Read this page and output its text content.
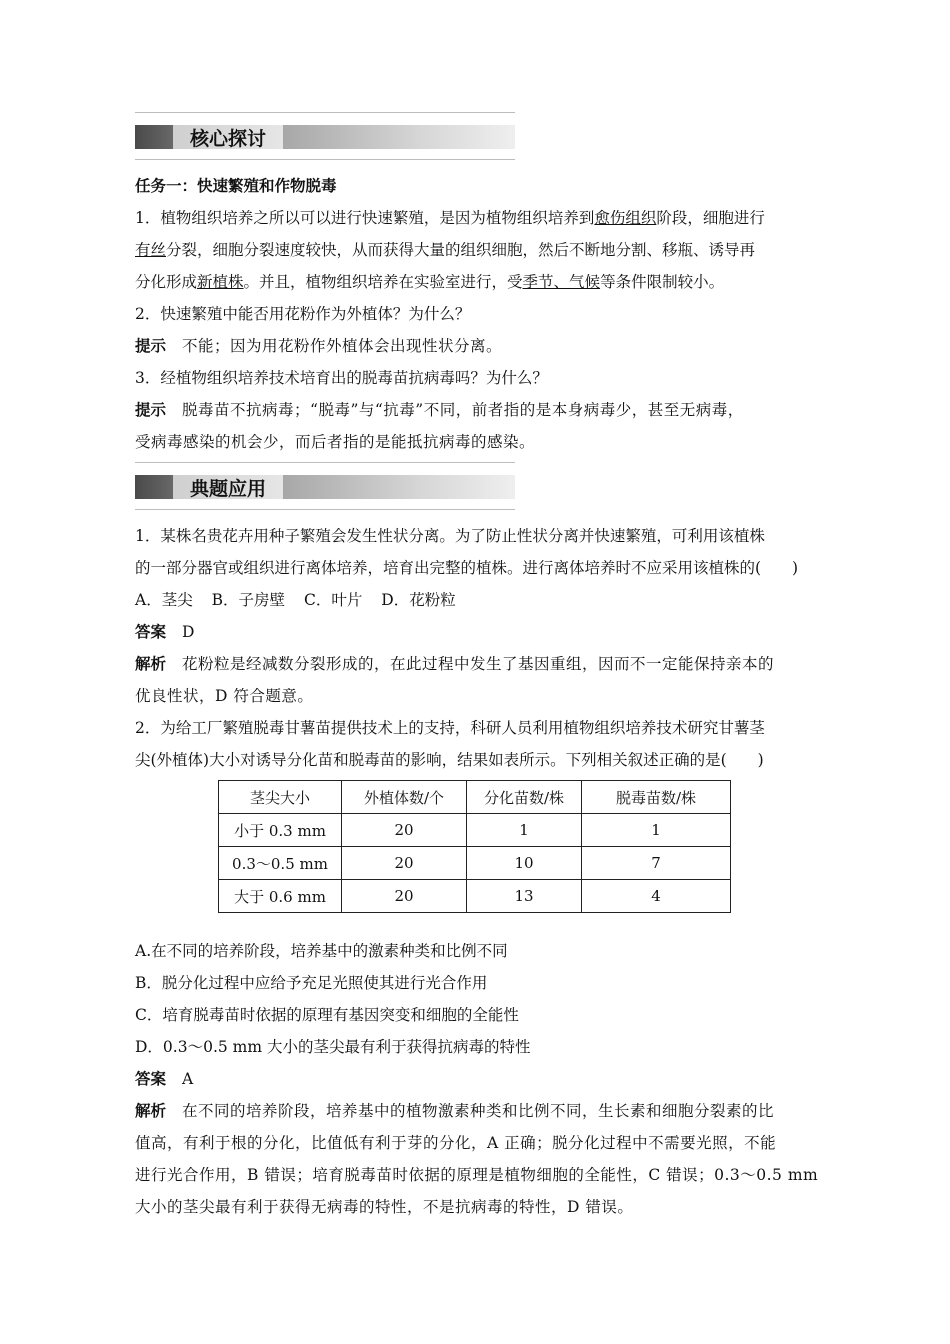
核心探讨
任务一：快速繁殖和作物脱毒
1．植物组织培养之所以可以进行快速繁殖，是因为植物组织培养到愈伤组织阶段，细胞进行
有丝分裂，细胞分裂速度较快，从而获得大量的组织细胞，然后不断地分割、移瓶、诱导再
分化形成新植株。并且，植物组织培养在实验室进行，受季节、气候等条件限制较小。
2．快速繁殖中能否用花粉作为外植体？为什么？
提示 不能；因为用花粉作外植体会出现性状分离。
3．经植物组织培养技术培育出的脱毒苗抗病毒吗？为什么？
提示 脱毒苗不抗病毒；“脱毒”与“抗毒”不同，前者指的是本身病毒少，甚至无病毒，
受病毒感染的机会少，而后者指的是能抵抗病毒的感染。
典题应用
1．某株名贵花卉用种子繁殖会发生性状分离。为了防止性状分离并快速繁殖，可利用该植株
的一部分器官或组织进行离体培养，培育出完整的植株。进行离体培养时不应采用该植株的(　　)
A．茎尖 B．子房壁 C．叶片 D．花粉粒
答案 D
解析 花粉粒是经减数分裂形成的，在此过程中发生了基因重组，因而不一定能保持亲本的
优良性状，D 符合题意。
2．为给工厂繁殖脱毒甘薯苗提供技术上的支持，科研人员利用植物组织培养技术研究甘薯茎
尖(外植体)大小对诱导分化苗和脱毒苗的影响，结果如表所示。下列相关叙述正确的是(　　)
茎尖大小	外植体数/个	分化苗数/株	脱毒苗数/株
小于 0.3 mm	20	1	1
0.3～0.5 mm	20	10	7
大于 0.6 mm	20	13	4
A.在不同的培养阶段，培养基中的激素种类和比例不同
B．脱分化过程中应给予充足光照使其进行光合作用
C．培育脱毒苗时依据的原理有基因突变和细胞的全能性
D．0.3～0.5 mm 大小的茎尖最有利于获得抗病毒的特性
答案 A
解析 在不同的培养阶段，培养基中的植物激素种类和比例不同，生长素和细胞分裂素的比
值高，有利于根的分化，比值低有利于芽的分化，A 正确；脱分化过程中不需要光照，不能
进行光合作用，B 错误；培育脱毒苗时依据的原理是植物细胞的全能性，C 错误；0.3～0.5 mm
大小的茎尖最有利于获得无病毒的特性，不是抗病毒的特性，D 错误。
